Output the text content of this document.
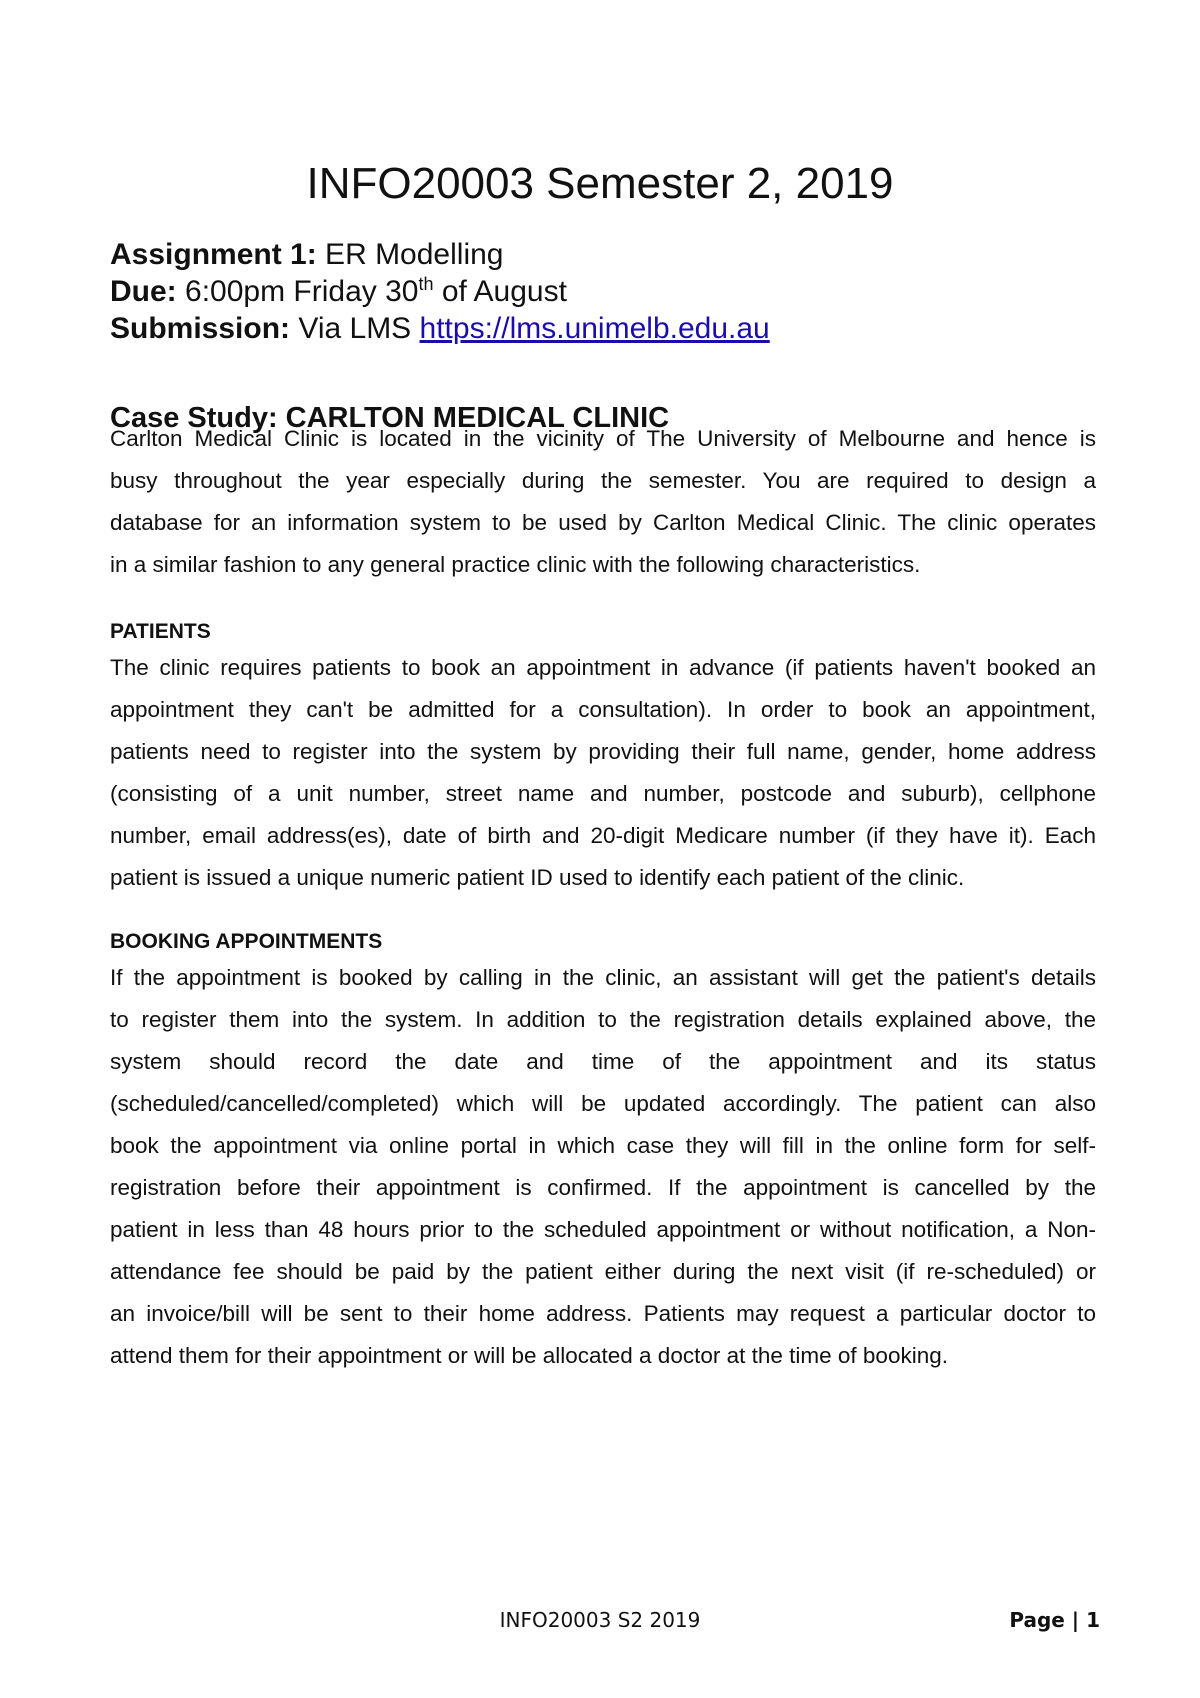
INFO20003 Semester 2, 2019
Assignment 1: ER Modelling
Due: 6:00pm Friday 30th of August
Submission: Via LMS https://lms.unimelb.edu.au
Case Study: CARLTON MEDICAL CLINIC

Carlton Medical Clinic is located in the vicinity of The University of Melbourne and hence is
busy throughout the year especially during the semester. You are required to design a
database for an information system to be used by Carlton Medical Clinic. The clinic operates
in a similar fashion to any general practice clinic with the following characteristics.

PATIENTS

The clinic requires patients to book an appointment in advance (if patients haven't booked an
appointment they can't be admitted for a consultation). In order to book an appointment,
patients need to register into the system by providing their full name, gender, home address
(consisting of a unit number, street name and number, postcode and suburb), cellphone
number, email address(es), date of birth and 20-digit Medicare number (if they have it). Each
patient is issued a unique numeric patient ID used to identify each patient of the clinic.

BOOKING APPOINTMENTS

If the appointment is booked by calling in the clinic, an assistant will get the patient's details
to register them into the system. In addition to the registration details explained above, the
system should record the date and time of the appointment and its status
(scheduled/cancelled/completed) which will be updated accordingly. The patient can also
book the appointment via online portal in which case they will fill in the online form for self-
registration before their appointment is confirmed. If the appointment is cancelled by the
patient in less than 48 hours prior to the scheduled appointment or without notification, a Non-
attendance fee should be paid by the patient either during the next visit (if re-scheduled) or
an invoice/bill will be sent to their home address. Patients may request a particular doctor to
attend them for their appointment or will be allocated a doctor at the time of booking.

INFO20003 S2 2019	Page | 1
